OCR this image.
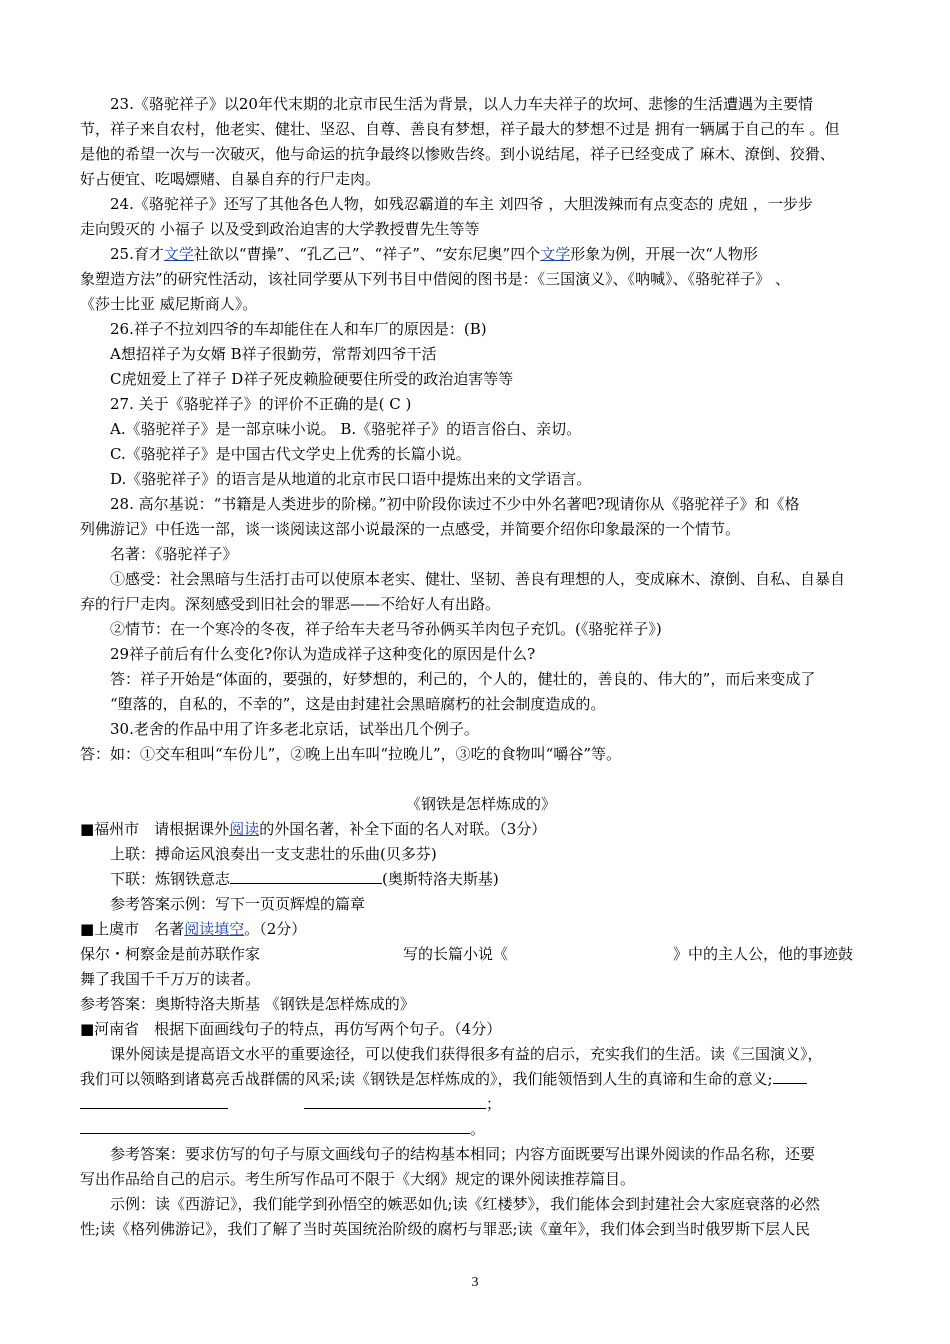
23.《骆驼祥子》以20年代末期的北京市民生活为背景，以人力车夫祥子的坎坷、悲惨的生活遭遇为主要情
节，祥子来自农村，他老实、健壮、坚忍、自尊、善良有梦想，祥子最大的梦想不过是 拥有一辆属于自己的车 。但
是他的希望一次与一次破灭，他与命运的抗争最终以惨败告终。到小说结尾，祥子已经变成了 麻木、潦倒、狡猾、
好占便宜、吃喝嫖赌、自暴自弃的行尸走肉。
24.《骆驼祥子》还写了其他各色人物，如残忍霸道的车主 刘四爷 ，大胆泼辣而有点变态的 虎妞 ，一步步
走向毁灭的 小福子 以及受到政治迫害的大学教授曹先生等等
25.育才文学社欲以“曹操”、“孔乙己”、“祥子”、“安东尼奥”四个文学形象为例，开展一次“人物形
象塑造方法”的研究性活动，该社同学要从下列书目中借阅的图书是：《三国演义》、《呐喊》、《骆驼祥子》 、
《莎士比亚 威尼斯商人》。
26.祥子不拉刘四爷的车却能住在人和车厂的原因是：(B)
A想招祥子为女婿 B祥子很勤劳，常帮刘四爷干活
C虎妞爱上了祥子 D祥子死皮赖脸硬要住所受的政治迫害等等
27. 关于《骆驼祥子》的评价不正确的是( C )
A.《骆驼祥子》是一部京味小说。 B.《骆驼祥子》的语言俗白、亲切。
C.《骆驼祥子》是中国古代文学史上优秀的长篇小说。
D.《骆驼祥子》的语言是从地道的北京市民口语中提炼出来的文学语言。
28. 高尔基说：“书籍是人类进步的阶梯。”初中阶段你读过不少中外名著吧?现请你从《骆驼祥子》和《格
列佛游记》中任选一部，谈一谈阅读这部小说最深的一点感受，并简要介绍你印象最深的一个情节。
名著：《骆驼祥子》
①感受：社会黑暗与生活打击可以使原本老实、健壮、坚韧、善良有理想的人，变成麻木、潦倒、自私、自暴自
弃的行尸走肉。深刻感受到旧社会的罪恶——不给好人有出路。
②情节：在一个寒冷的冬夜，祥子给车夫老马爷孙俩买羊肉包子充饥。(《骆驼祥子》)
29祥子前后有什么变化?你认为造成祥子这种变化的原因是什么?
答：祥子开始是“体面的，要强的，好梦想的，利己的，个人的，健壮的，善良的、伟大的”，而后来变成了
“堕落的，自私的，不幸的”，这是由封建社会黑暗腐朽的社会制度造成的。
30.老舍的作品中用了许多老北京话，试举出几个例子。
答：如：①交车租叫“车份儿”，②晚上出车叫“拉晚儿”，③吃的食物叫“嚼谷”等。
《钢铁是怎样炼成的》
■福州市　请根据课外阅读的外国名著，补全下面的名人对联。（3分）
上联：搏命运风浪奏出一支支悲壮的乐曲(贝多芬)
下联：炼钢铁意志	(奥斯特洛夫斯基)
参考答案示例：写下一页页辉煌的篇章
■上虞市　名著阅读填空。（2分）
保尔・柯察金是前苏联作家	写的长篇小说《	》中的主人公，他的事迹鼓
舞了我国千千万万的读者。
参考答案：奥斯特洛夫斯基 《钢铁是怎样炼成的》
■河南省　根据下面画线句子的特点，再仿写两个句子。（4分）
课外阅读是提高语文水平的重要途径，可以使我们获得很多有益的启示，充实我们的生活。读《三国演义》，
我们可以领略到诸葛亮舌战群儒的风采;读《钢铁是怎样炼成的》，我们能领悟到人生的真谛和生命的意义;
；
。
参考答案：要求仿写的句子与原文画线句子的结构基本相同；内容方面既要写出课外阅读的作品名称，还要
写出作品给自己的启示。考生所写作品可不限于《大纲》规定的课外阅读推荐篇目。
示例：读《西游记》，我们能学到孙悟空的嫉恶如仇;读《红楼梦》，我们能体会到封建社会大家庭衰落的必然
性;读《格列佛游记》，我们了解了当时英国统治阶级的腐朽与罪恶;读《童年》，我们体会到当时俄罗斯下层人民
3
